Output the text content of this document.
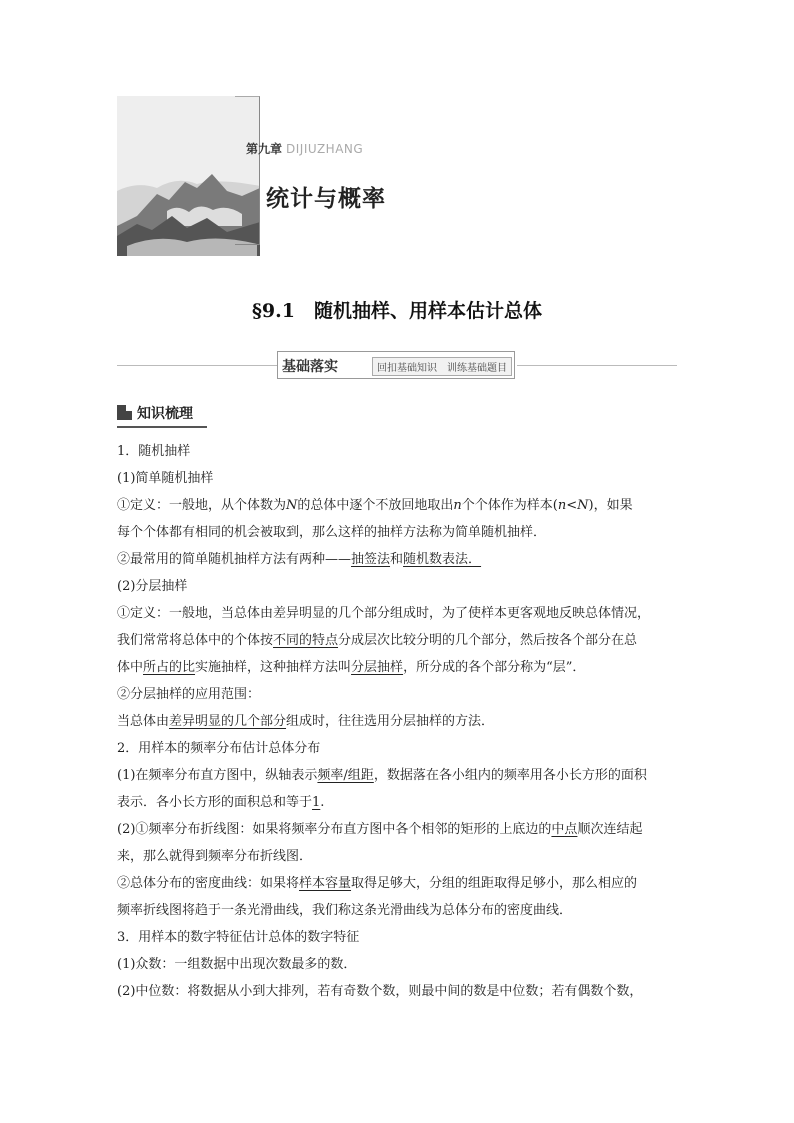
第九章 DIJIUZHANG
统计与概率
§9.1　随机抽样、用样本估计总体
基础落实	回扣基础知识　训练基础题目
知识梳理

1．随机抽样

(1)简单随机抽样

①定义：一般地，从个体数为N的总体中逐个不放回地取出n个个体作为样本(n<N)，如果

每个个体都有相同的机会被取到，那么这样的抽样方法称为简单随机抽样．

②最常用的简单随机抽样方法有两种——抽签法和随机数表法．

(2)分层抽样

①定义：一般地，当总体由差异明显的几个部分组成时，为了使样本更客观地反映总体情况，

我们常常将总体中的个体按不同的特点分成层次比较分明的几个部分，然后按各个部分在总

体中所占的比实施抽样，这种抽样方法叫分层抽样，所分成的各个部分称为“层”．

②分层抽样的应用范围：

当总体由差异明显的几个部分组成时，往往选用分层抽样的方法．

2．用样本的频率分布估计总体分布

(1)在频率分布直方图中，纵轴表示频率/组距，数据落在各小组内的频率用各小长方形的面积

表示．各小长方形的面积总和等于1.

(2)①频率分布折线图：如果将频率分布直方图中各个相邻的矩形的上底边的中点顺次连结起

来，那么就得到频率分布折线图．

②总体分布的密度曲线：如果将样本容量取得足够大，分组的组距取得足够小，那么相应的

频率折线图将趋于一条光滑曲线，我们称这条光滑曲线为总体分布的密度曲线．

3．用样本的数字特征估计总体的数字特征

(1)众数：一组数据中出现次数最多的数．

(2)中位数：将数据从小到大排列，若有奇数个数，则最中间的数是中位数；若有偶数个数，
